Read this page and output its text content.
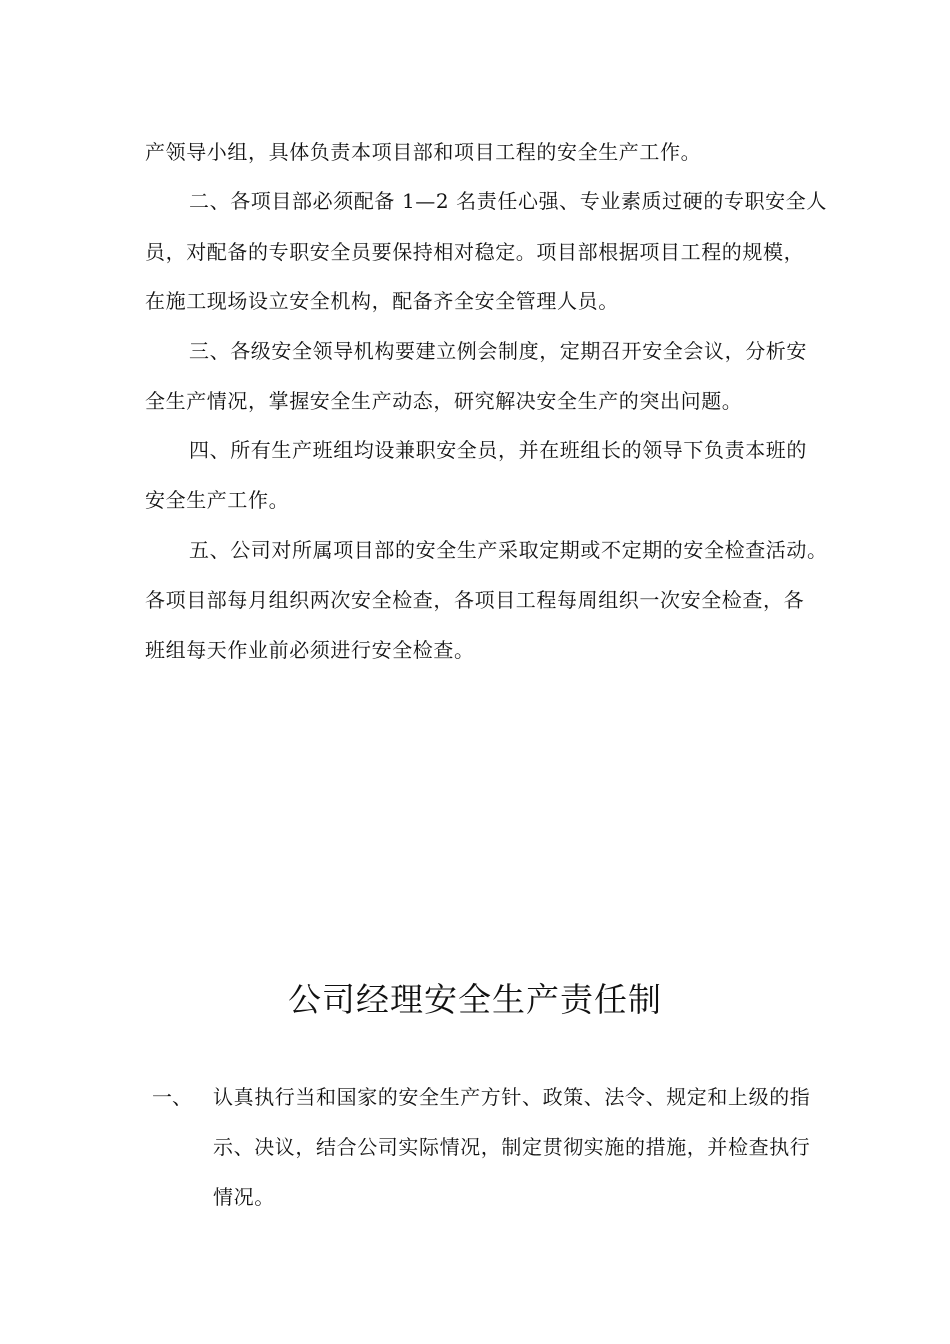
产领导小组，具体负责本项目部和项目工程的安全生产工作。
二、各项目部必须配备 1—2 名责任心强、专业素质过硬的专职安全人
员，对配备的专职安全员要保持相对稳定。项目部根据项目工程的规模，
在施工现场设立安全机构，配备齐全安全管理人员。
三、各级安全领导机构要建立例会制度，定期召开安全会议，分析安
全生产情况，掌握安全生产动态，研究解决安全生产的突出问题。
四、所有生产班组均设兼职安全员，并在班组长的领导下负责本班的
安全生产工作。
五、公司对所属项目部的安全生产采取定期或不定期的安全检查活动。
各项目部每月组织两次安全检查，各项目工程每周组织一次安全检查，各
班组每天作业前必须进行安全检查。
公司经理安全生产责任制
一、 认真执行当和国家的安全生产方针、政策、法令、规定和上级的指
示、决议，结合公司实际情况，制定贯彻实施的措施，并检查执行
情况。
